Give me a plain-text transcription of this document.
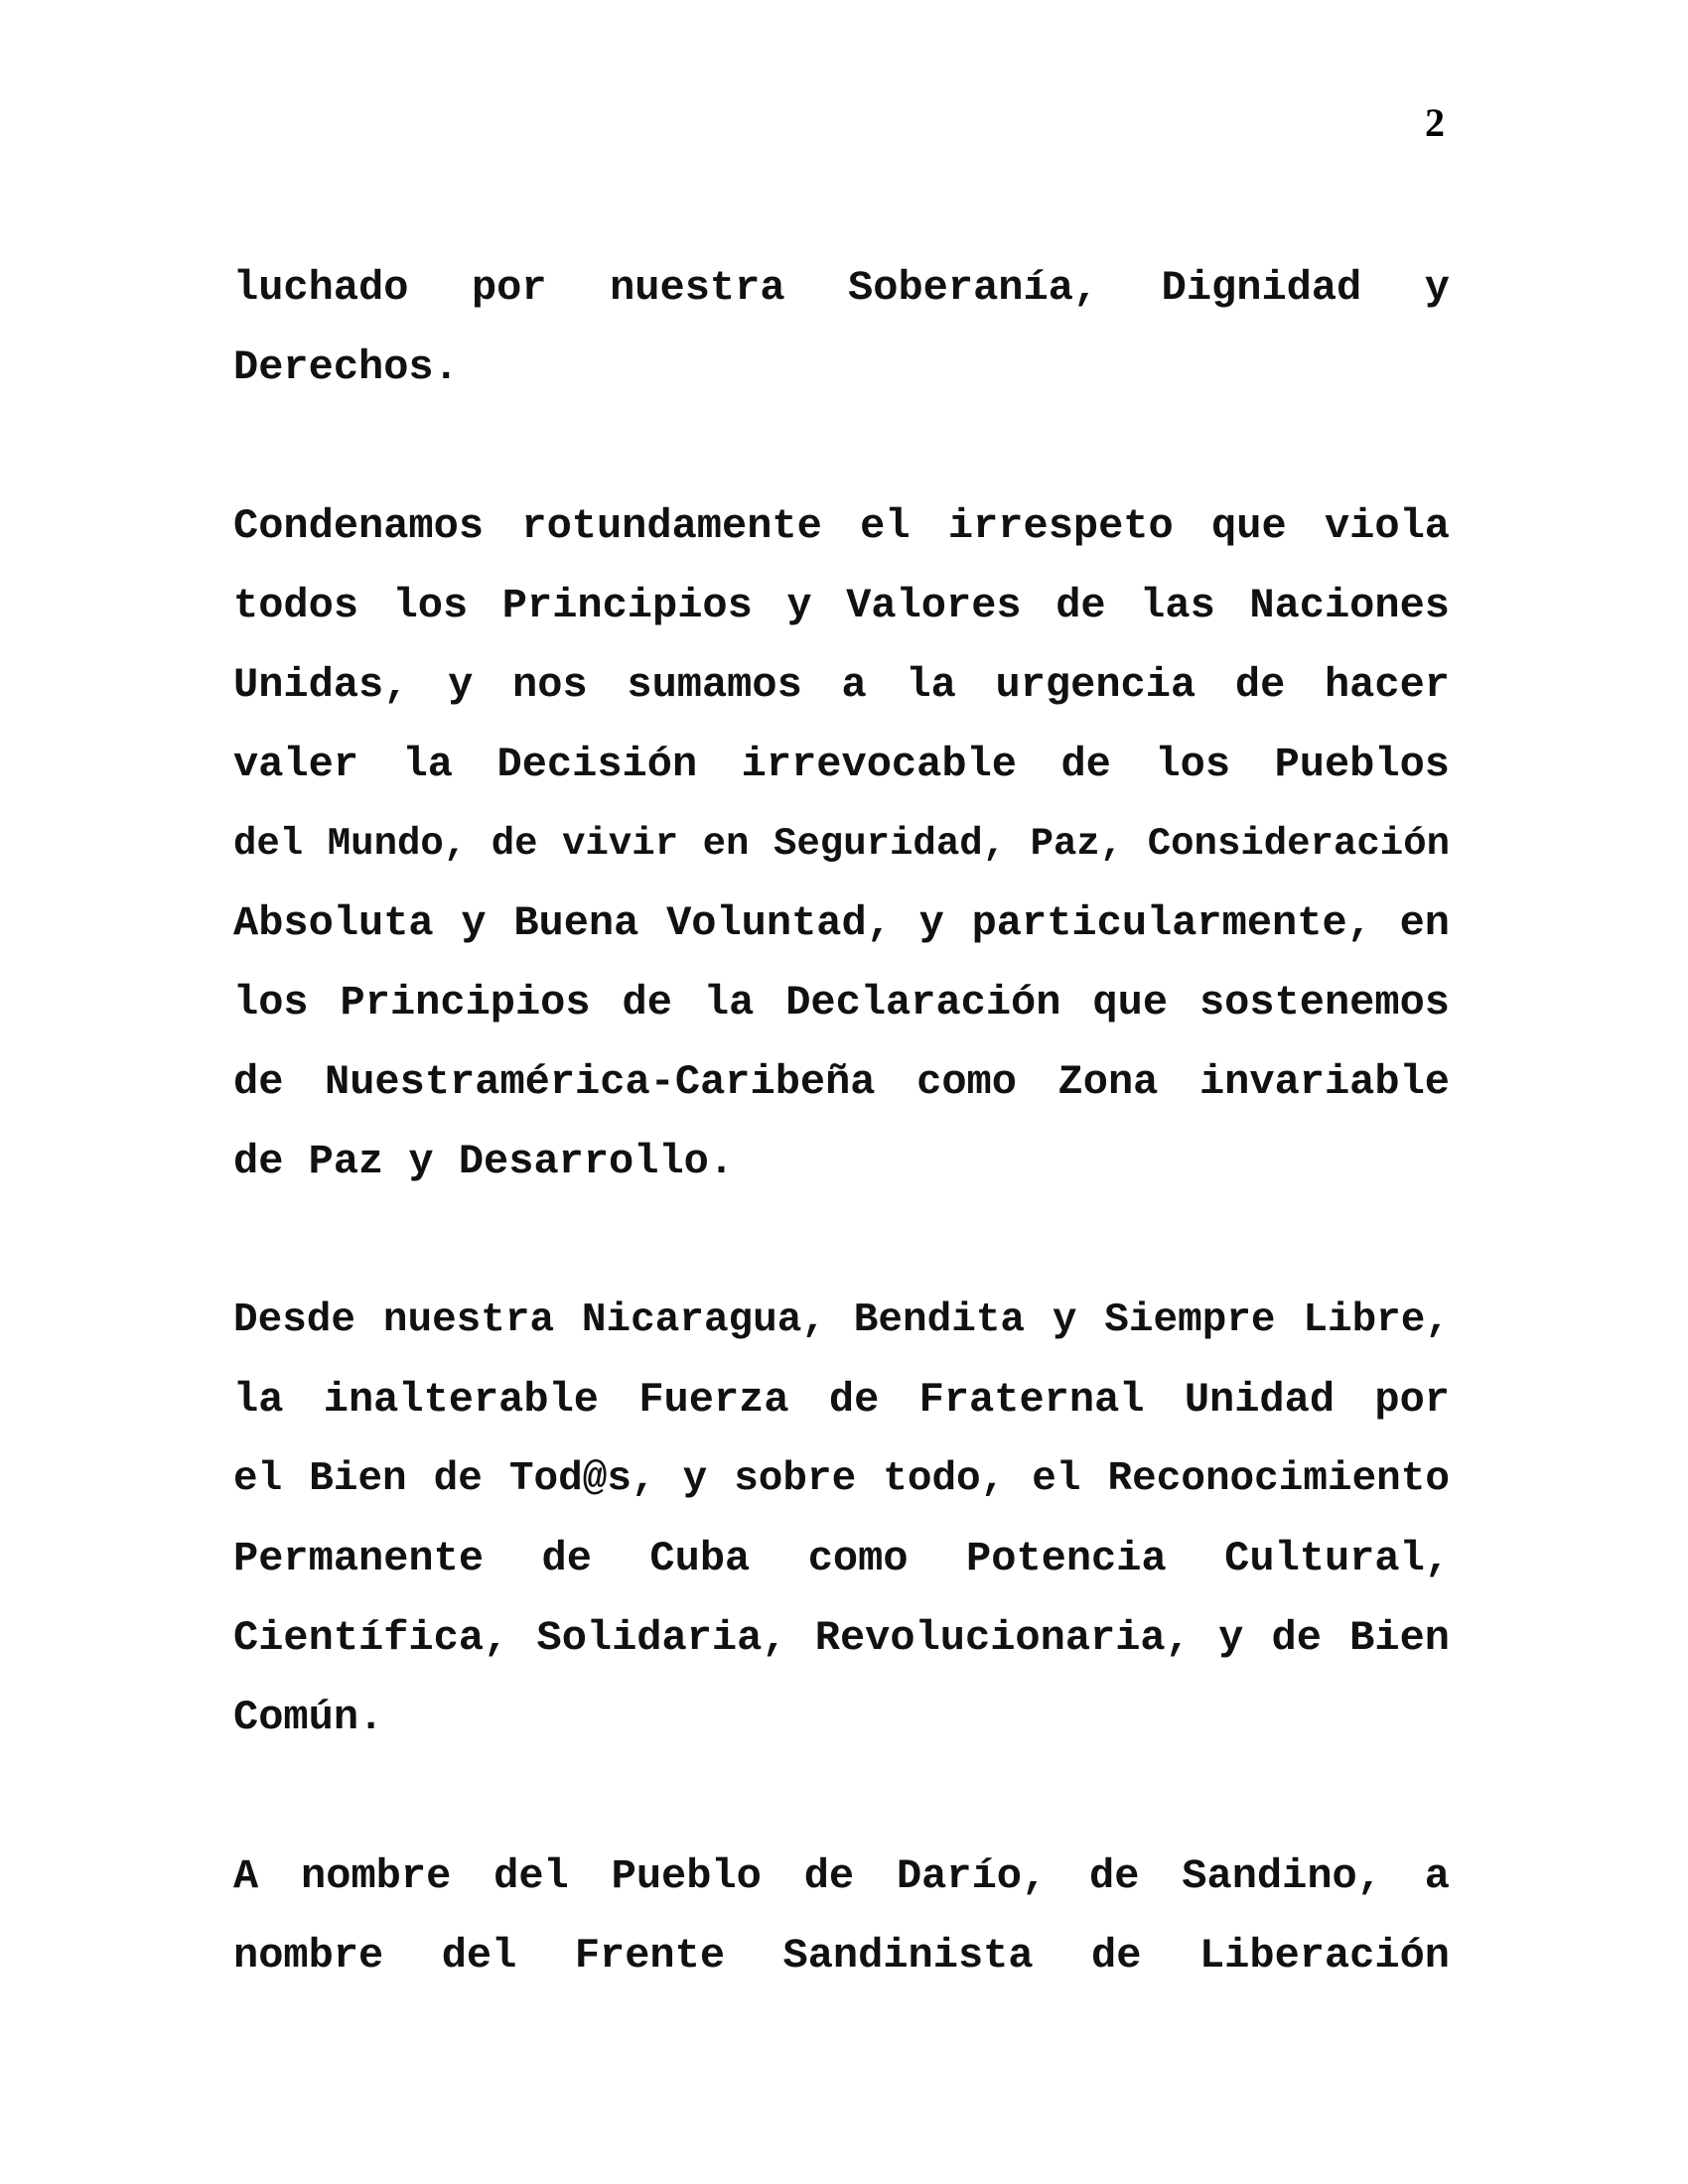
2

luchado por nuestra Soberanía, Dignidad y
Derechos.

Condenamos rotundamente el irrespeto que viola
todos los Principios y Valores de las Naciones
Unidas, y nos sumamos a la urgencia de hacer
valer la Decisión irrevocable de los Pueblos
del Mundo, de vivir en Seguridad, Paz, Consideración
Absoluta y Buena Voluntad, y particularmente, en
los Principios de la Declaración que sostenemos
de Nuestramérica-Caribeña como Zona invariable
de Paz y Desarrollo.

Desde nuestra Nicaragua, Bendita y Siempre Libre,
la inalterable Fuerza de Fraternal Unidad por
el Bien de Tod@s, y sobre todo, el Reconocimiento
Permanente de Cuba como Potencia Cultural,
Científica, Solidaria, Revolucionaria, y de Bien
Común.

A nombre del Pueblo de Darío, de Sandino, a
nombre del Frente Sandinista de Liberación
